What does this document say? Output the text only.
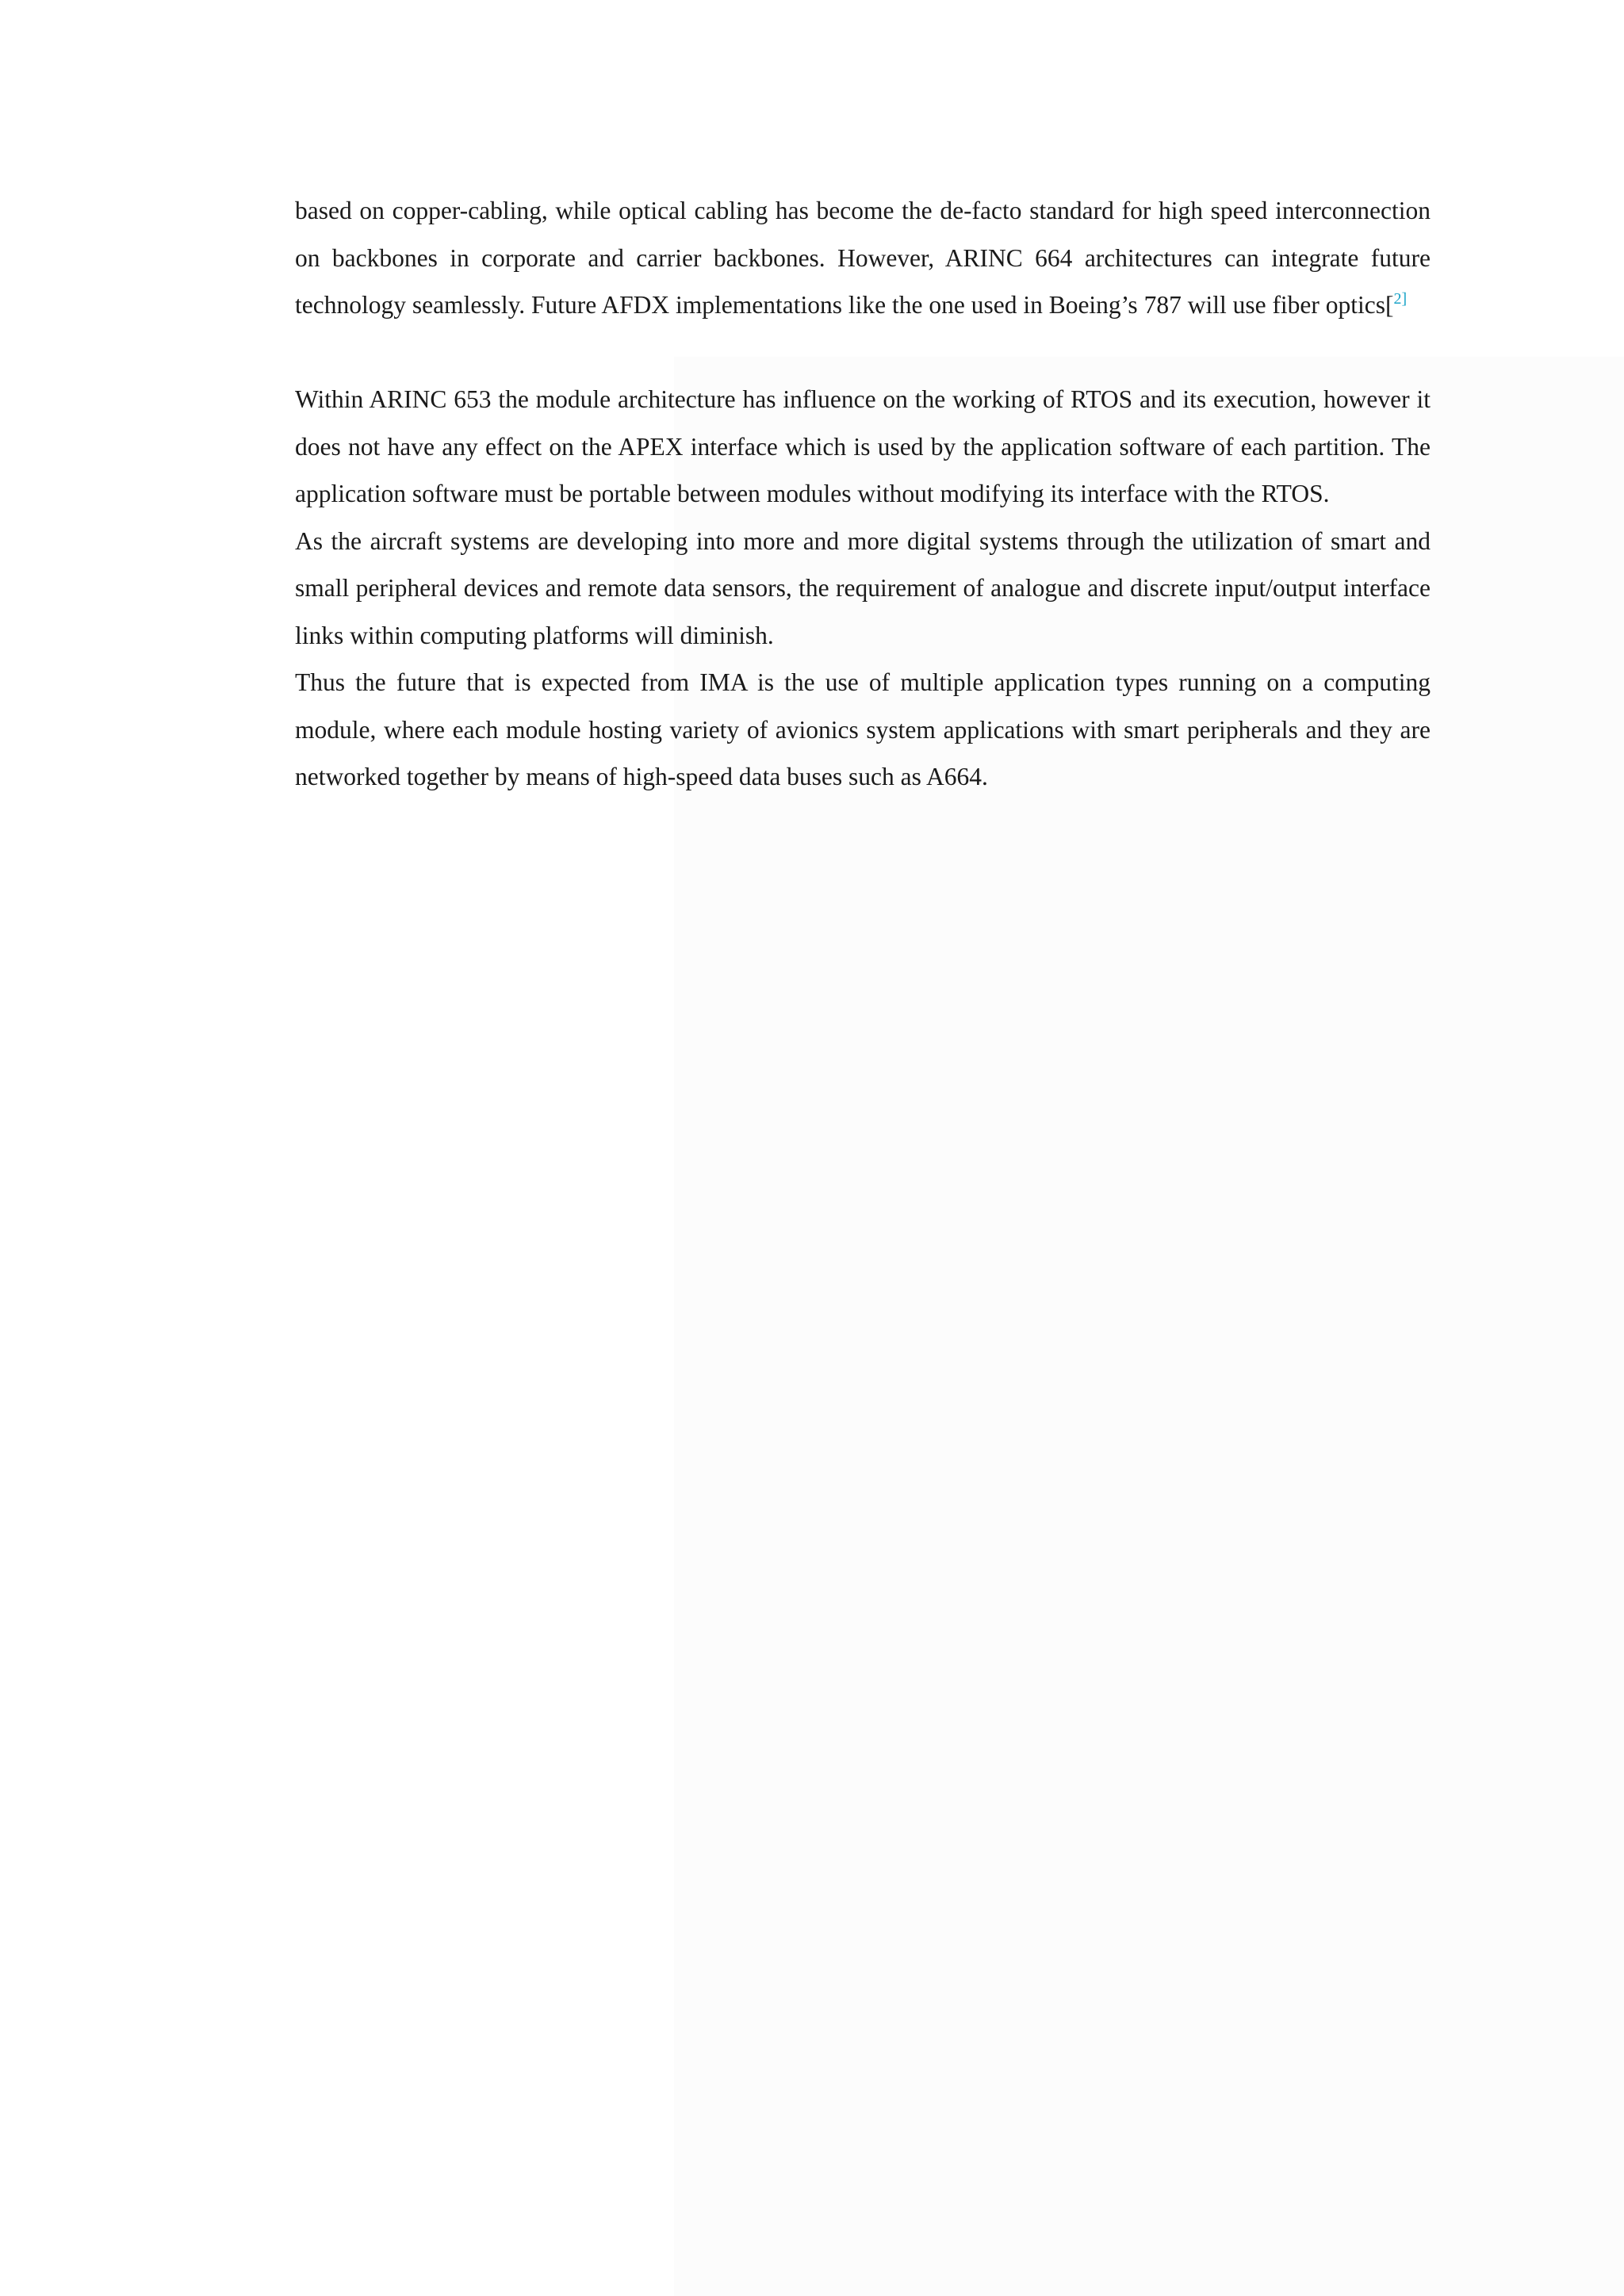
based on copper-cabling, while optical cabling has become the de-facto standard for high speed interconnection on backbones in corporate and carrier backbones. However, ARINC 664 architectures can integrate future technology seamlessly. Future AFDX implementations like the one used in Boeing’s 787 will use fiber optics[$^{2]}$

Within ARINC 653 the module architecture has influence on the working of RTOS and its execution, however it does not have any effect on the APEX interface which is used by the application software of each partition. The application software must be portable between modules without modifying its interface with the RTOS.

As the aircraft systems are developing into more and more digital systems through the utilization of smart and small peripheral devices and remote data sensors, the requirement of analogue and discrete input/output interface links within computing platforms will diminish.

Thus the future that is expected from IMA is the use of multiple application types running on a computing module, where each module hosting variety of avionics system applications with smart peripherals and they are networked together by means of high-speed data buses such as A664.
